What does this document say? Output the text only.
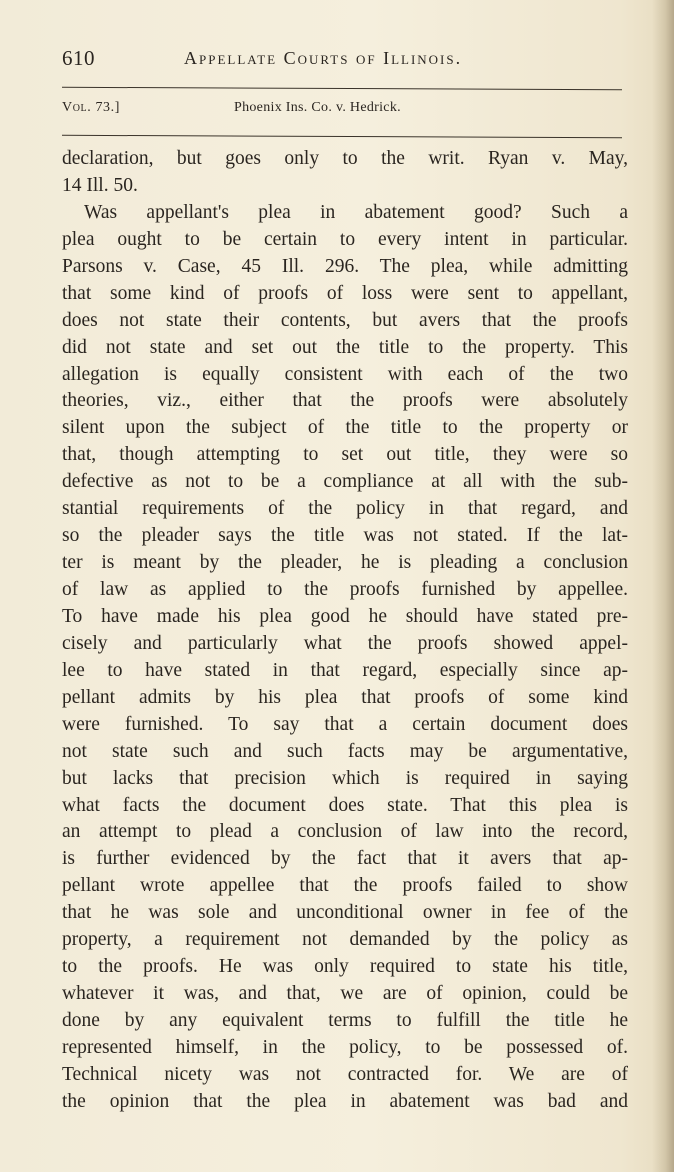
610	Appellate Courts of Illinois.
Vol. 73.]	Phoenix Ins. Co. v. Hedrick.
declaration, but goes only to the writ. Ryan v. May,
14 Ill. 50.
Was appellant's plea in abatement good? Such a
plea ought to be certain to every intent in particular.
Parsons v. Case, 45 Ill. 296. The plea, while admitting
that some kind of proofs of loss were sent to appellant,
does not state their contents, but avers that the proofs
did not state and set out the title to the property. This
allegation is equally consistent with each of the two
theories, viz., either that the proofs were absolutely
silent upon the subject of the title to the property or
that, though attempting to set out title, they were so
defective as not to be a compliance at all with the sub-
stantial requirements of the policy in that regard, and
so the pleader says the title was not stated. If the lat-
ter is meant by the pleader, he is pleading a conclusion
of law as applied to the proofs furnished by appellee.
To have made his plea good he should have stated pre-
cisely and particularly what the proofs showed appel-
lee to have stated in that regard, especially since ap-
pellant admits by his plea that proofs of some kind
were furnished. To say that a certain document does
not state such and such facts may be argumentative,
but lacks that precision which is required in saying
what facts the document does state. That this plea is
an attempt to plead a conclusion of law into the record,
is further evidenced by the fact that it avers that ap-
pellant wrote appellee that the proofs failed to show
that he was sole and unconditional owner in fee of the
property, a requirement not demanded by the policy as
to the proofs. He was only required to state his title,
whatever it was, and that, we are of opinion, could be
done by any equivalent terms to fulfill the title he
represented himself, in the policy, to be possessed of.
Technical nicety was not contracted for. We are of
the opinion that the plea in abatement was bad and
